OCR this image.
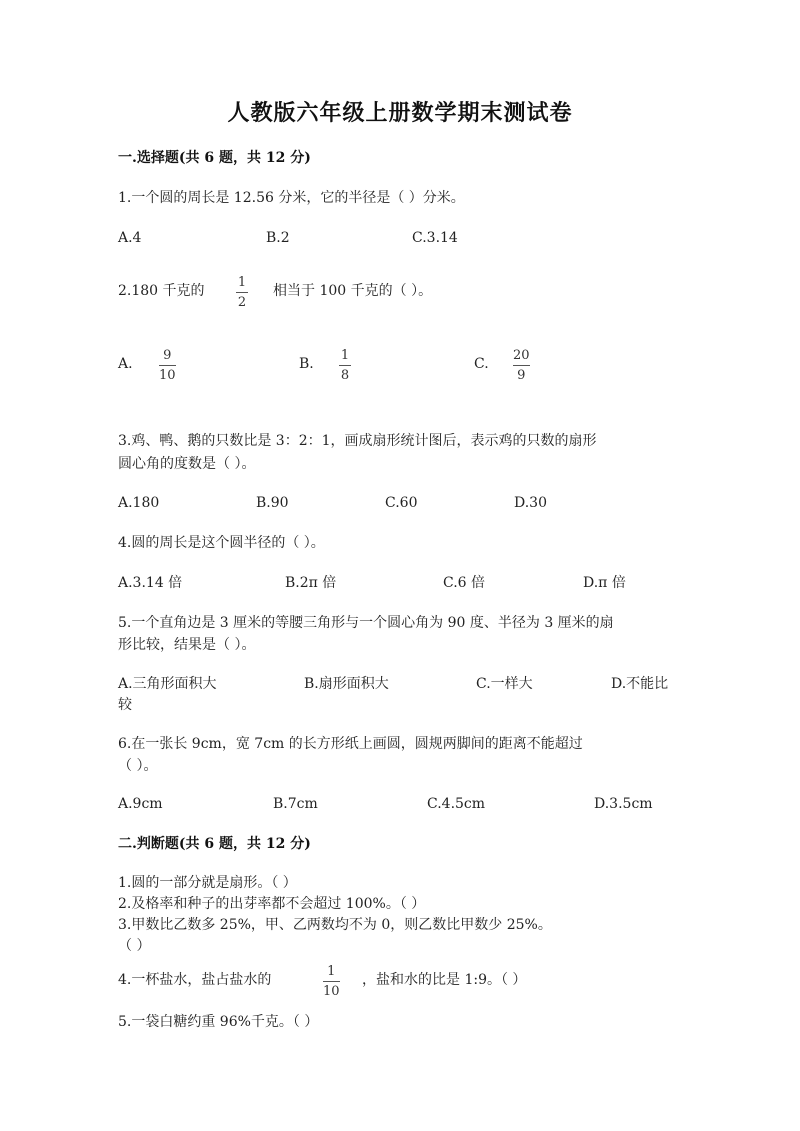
人教版六年级上册数学期末测试卷
一.选择题(共 6 题，共 12 分)
1.一个圆的周长是 12.56 分米，它的半径是（ ）分米。
A.4	B.2	C.3.14
2.180 千克的
1
2
相当于 100 千克的（ ）。
A.
9
10
B.
1
8
C.
20
9
3.鸡、鸭、鹅的只数比是 3：2：1，画成扇形统计图后，表示鸡的只数的扇形
圆心角的度数是（ ）。
A.180	B.90	C.60	D.30
4.圆的周长是这个圆半径的（ ）。
A.3.14 倍	B.2π 倍	C.6 倍	D.π 倍
5.一个直角边是 3 厘米的等腰三角形与一个圆心角为 90 度、半径为 3 厘米的扇
形比较，结果是（ ）。
A.三角形面积大	B.扇形面积大	C.一样大	D.不能比
较
6.在一张长 9cm，宽 7cm 的长方形纸上画圆，圆规两脚间的距离不能超过
（ ）。
A.9cm	B.7cm	C.4.5cm	D.3.5cm
二.判断题(共 6 题，共 12 分)
1.圆的一部分就是扇形。（ ）
2.及格率和种子的出芽率都不会超过 100%。（ ）
3.甲数比乙数多 25%，甲、乙两数均不为 0，则乙数比甲数少 25%。
（ ）
4.一杯盐水，盐占盐水的
1
10
，盐和水的比是 1:9。（ ）
5.一袋白糖约重 96%千克。（ ）
